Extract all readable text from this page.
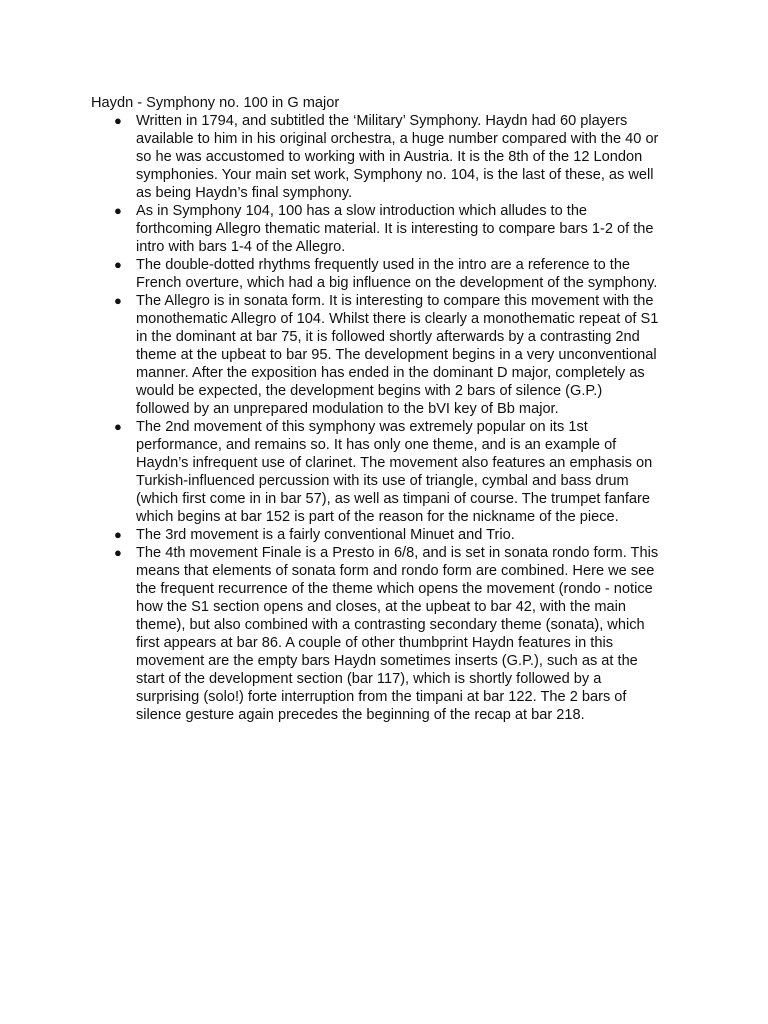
Haydn - Symphony no. 100 in G major
● Written in 1794, and subtitled the ‘Military’ Symphony. Haydn had 60 players
available to him in his original orchestra, a huge number compared with the 40 or
so he was accustomed to working with in Austria. It is the 8th of the 12 London
symphonies. Your main set work, Symphony no. 104, is the last of these, as well
as being Haydn’s final symphony.
● As in Symphony 104, 100 has a slow introduction which alludes to the
forthcoming Allegro thematic material. It is interesting to compare bars 1-2 of the
intro with bars 1-4 of the Allegro.
● The double-dotted rhythms frequently used in the intro are a reference to the
French overture, which had a big influence on the development of the symphony.
● The Allegro is in sonata form. It is interesting to compare this movement with the
monothematic Allegro of 104. Whilst there is clearly a monothematic repeat of S1
in the dominant at bar 75, it is followed shortly afterwards by a contrasting 2nd
theme at the upbeat to bar 95. The development begins in a very unconventional
manner. After the exposition has ended in the dominant D major, completely as
would be expected, the development begins with 2 bars of silence (G.P.)
followed by an unprepared modulation to the bVI key of Bb major.
● The 2nd movement of this symphony was extremely popular on its 1st
performance, and remains so. It has only one theme, and is an example of
Haydn’s infrequent use of clarinet. The movement also features an emphasis on
Turkish-influenced percussion with its use of triangle, cymbal and bass drum
(which first come in in bar 57), as well as timpani of course. The trumpet fanfare
which begins at bar 152 is part of the reason for the nickname of the piece.
● The 3rd movement is a fairly conventional Minuet and Trio.
● The 4th movement Finale is a Presto in 6/8, and is set in sonata rondo form. This
means that elements of sonata form and rondo form are combined. Here we see
the frequent recurrence of the theme which opens the movement (rondo - notice
how the S1 section opens and closes, at the upbeat to bar 42, with the main
theme), but also combined with a contrasting secondary theme (sonata), which
first appears at bar 86. A couple of other thumbprint Haydn features in this
movement are the empty bars Haydn sometimes inserts (G.P.), such as at the
start of the development section (bar 117), which is shortly followed by a
surprising (solo!) forte interruption from the timpani at bar 122. The 2 bars of
silence gesture again precedes the beginning of the recap at bar 218.
